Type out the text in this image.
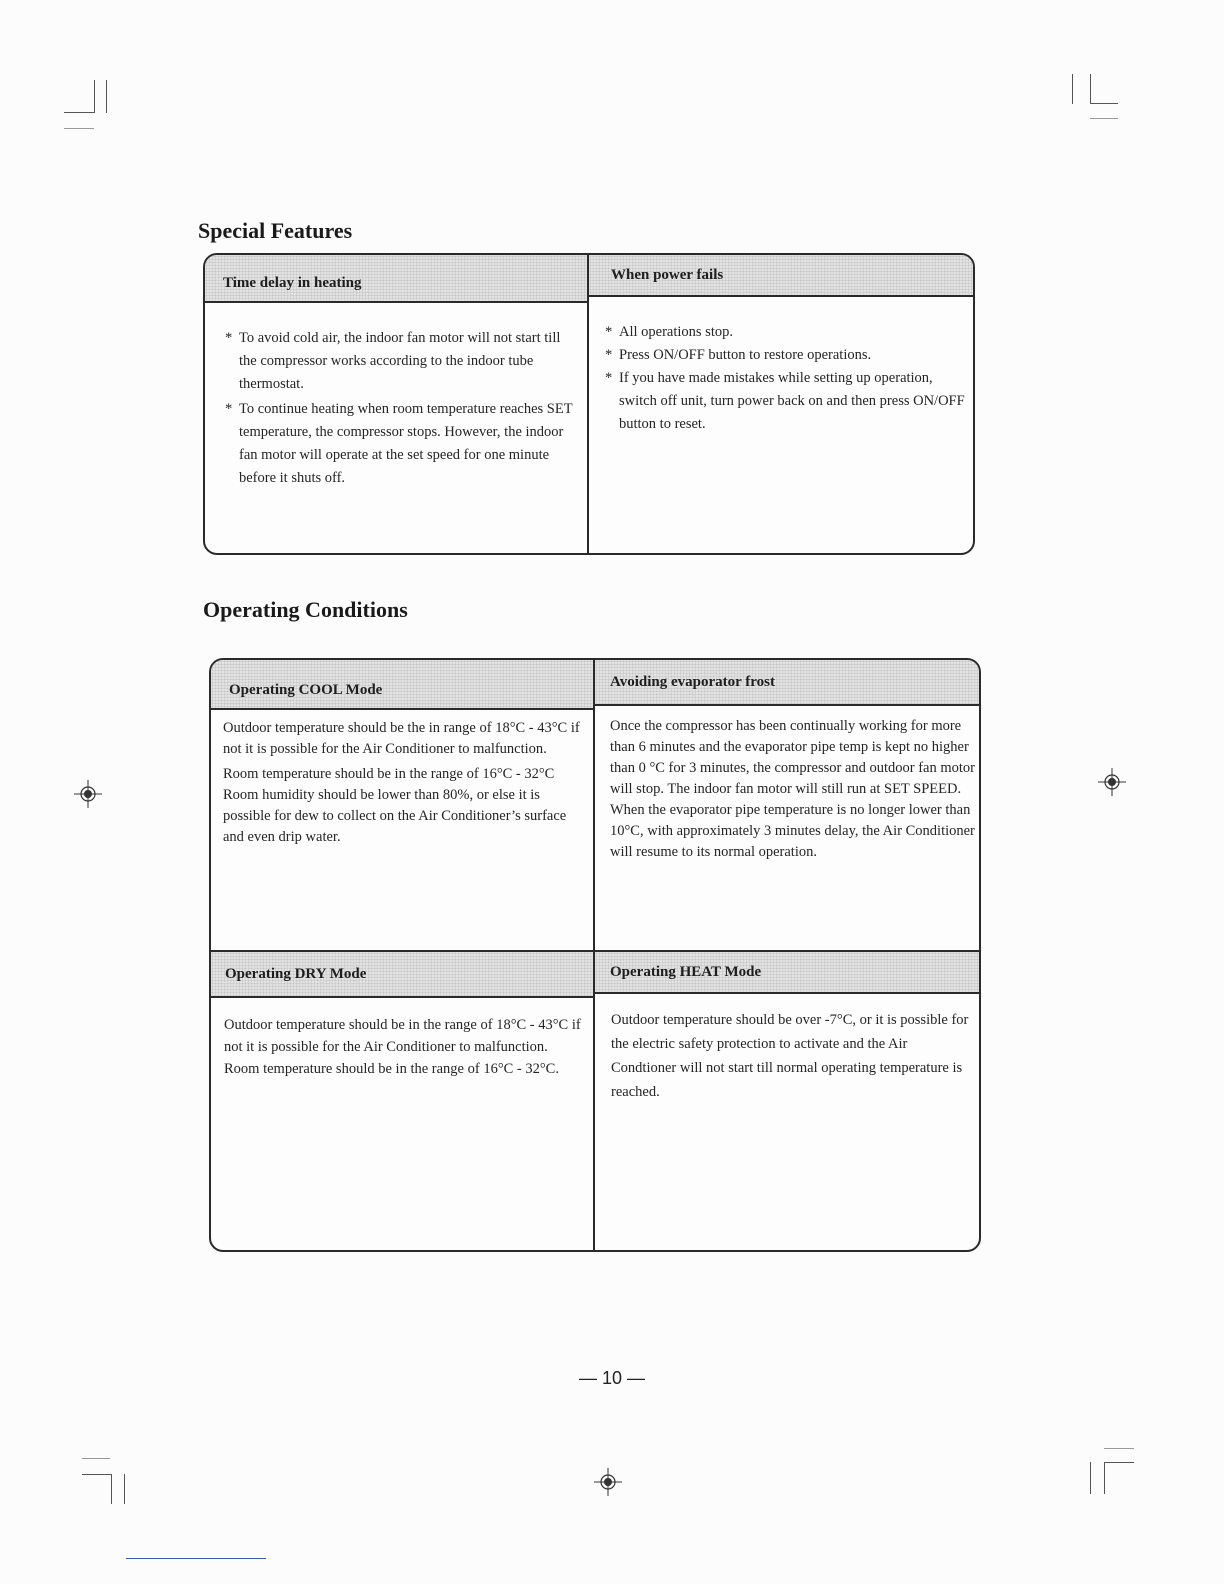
Special Features
Time delay in heating
* To avoid cold air, the indoor fan motor will not start till the compressor works according to the indoor tube thermostat.
* To continue heating when room temperature reaches SET temperature, the compressor stops. However, the indoor fan motor will operate at the set speed for one minute before it shuts off.
When power fails
* All operations stop.
* Press ON/OFF button to restore operations.
* If you have made mistakes while setting up operation, switch off unit, turn power back on and then press ON/OFF button to reset.
Operating Conditions
Operating COOL Mode

Outdoor temperature should be the in range of 18°C - 43°C if not it is possible for the Air Conditioner to malfunction.

Room temperature should be in the range of 16°C - 32°C Room humidity should be lower than 80%, or else it is possible for dew to collect on the Air Conditioner’s surface and even drip water.

Avoiding evaporator frost

Once the compressor has been continually working for more than 6 minutes and the evaporator pipe temp is kept no higher than 0 °C for 3 minutes, the compressor and outdoor fan motor will stop. The indoor fan motor will still run at SET SPEED. When the evaporator pipe temperature is no longer lower than 10°C, with approximately 3 minutes delay, the Air Conditioner will resume to its normal operation.

Operating DRY Mode

Outdoor temperature should be in the range of 18°C - 43°C if not it is possible for the Air Conditioner to malfunction.

Room temperature should be in the range of 16°C - 32°C.

Operating HEAT Mode

Outdoor temperature should be over -7°C, or it is possible for the electric safety protection to activate and the Air Condtioner will not start till normal operating temperature is reached.

— 10 —
